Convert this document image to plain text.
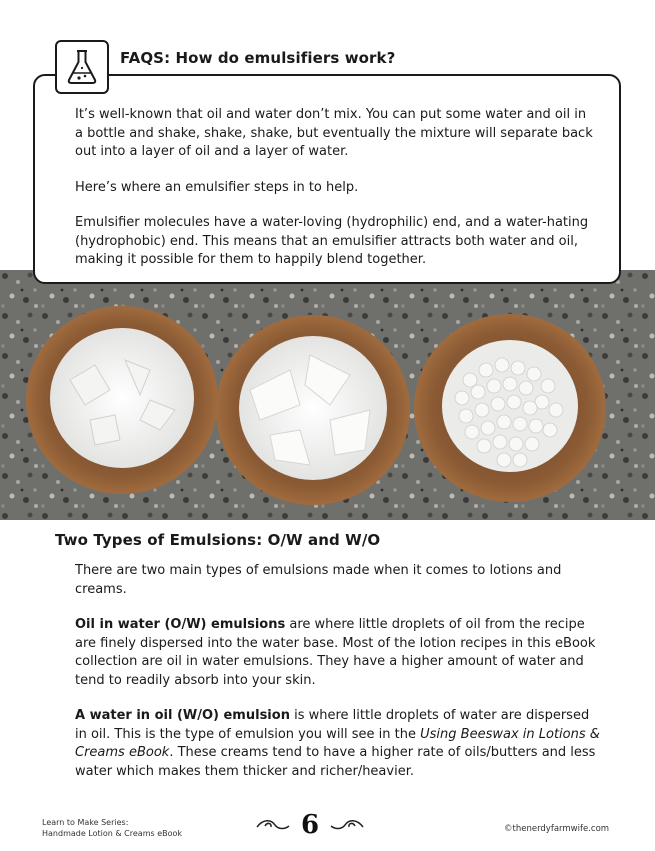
It’s well-known that oil and water don’t mix. You can put some water and oil in a bottle and shake, shake, shake, but eventually the mixture will separate back out into a layer of oil and a layer of water.

Here’s where an emulsifier steps in to help.

Emulsifier molecules have a water-loving (hydrophilic) end, and a water-hating (hydrophobic) end. This means that an emulsifier attracts both water and oil, making it possible for them to happily blend together.

FAQS: How do emulsifiers work?
Two Types of Emulsions: O/W and W/O

There are two main types of emulsions made when it comes to lotions and creams.

Oil in water (O/W) emulsions are where little droplets of oil from the recipe are finely dispersed into the water base. Most of the lotion recipes in this eBook collection are oil in water emulsions. They have a higher amount of water and tend to readily absorb into your skin.

A water in oil (W/O) emulsion is where little droplets of water are dispersed in oil. This is the type of emulsion you will see in the Using Beeswax in Lotions & Creams eBook. These creams tend to have a higher rate of oils/butters and less water which makes them thicker and richer/heavier.

Learn to Make Series:
Handmade Lotion & Creams eBook	6	©thenerdyfarmwife.com
